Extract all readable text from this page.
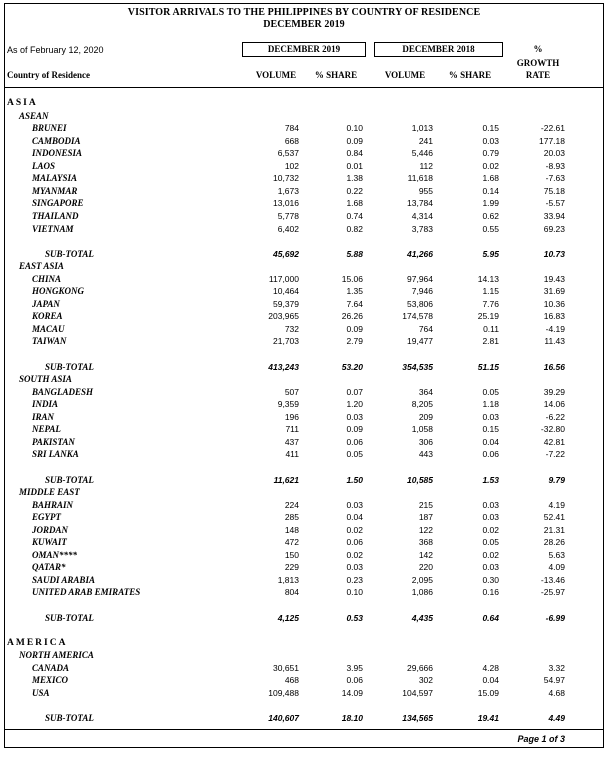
VISITOR ARRIVALS TO THE PHILIPPINES BY COUNTRY OF RESIDENCE
DECEMBER 2019
As of February 12, 2020	DECEMBER 2019	DECEMBER 2018	%
Country of Residence	VOLUME	% SHARE	VOLUME	% SHARE
GROWTH
RATE
ASIA
ASEAN
BRUNEI	784	0.10	1,013	0.15	-22.61
CAMBODIA	668	0.09	241	0.03	177.18
INDONESIA	6,537	0.84	5,446	0.79	20.03
LAOS	102	0.01	112	0.02	-8.93
MALAYSIA	10,732	1.38	11,618	1.68	-7.63
MYANMAR	1,673	0.22	955	0.14	75.18
SINGAPORE	13,016	1.68	13,784	1.99	-5.57
THAILAND	5,778	0.74	4,314	0.62	33.94
VIETNAM	6,402	0.82	3,783	0.55	69.23
SUB-TOTAL	45,692	5.88	41,266	5.95	10.73
EAST ASIA
CHINA	117,000	15.06	97,964	14.13	19.43
HONGKONG	10,464	1.35	7,946	1.15	31.69
JAPAN	59,379	7.64	53,806	7.76	10.36
KOREA	203,965	26.26	174,578	25.19	16.83
MACAU	732	0.09	764	0.11	-4.19
TAIWAN	21,703	2.79	19,477	2.81	11.43
SUB-TOTAL	413,243	53.20	354,535	51.15	16.56
SOUTH ASIA
BANGLADESH	507	0.07	364	0.05	39.29
INDIA	9,359	1.20	8,205	1.18	14.06
IRAN	196	0.03	209	0.03	-6.22
NEPAL	711	0.09	1,058	0.15	-32.80
PAKISTAN	437	0.06	306	0.04	42.81
SRI LANKA	411	0.05	443	0.06	-7.22
SUB-TOTAL	11,621	1.50	10,585	1.53	9.79
MIDDLE EAST
BAHRAIN	224	0.03	215	0.03	4.19
EGYPT	285	0.04	187	0.03	52.41
JORDAN	148	0.02	122	0.02	21.31
KUWAIT	472	0.06	368	0.05	28.26
OMAN****	150	0.02	142	0.02	5.63
QATAR*	229	0.03	220	0.03	4.09
SAUDI ARABIA	1,813	0.23	2,095	0.30	-13.46
UNITED ARAB EMIRATES	804	0.10	1,086	0.16	-25.97
SUB-TOTAL	4,125	0.53	4,435	0.64	-6.99
AMERICA
NORTH AMERICA
CANADA	30,651	3.95	29,666	4.28	3.32
MEXICO	468	0.06	302	0.04	54.97
USA	109,488	14.09	104,597	15.09	4.68
SUB-TOTAL	140,607	18.10	134,565	19.41	4.49
Page 1 of 3
